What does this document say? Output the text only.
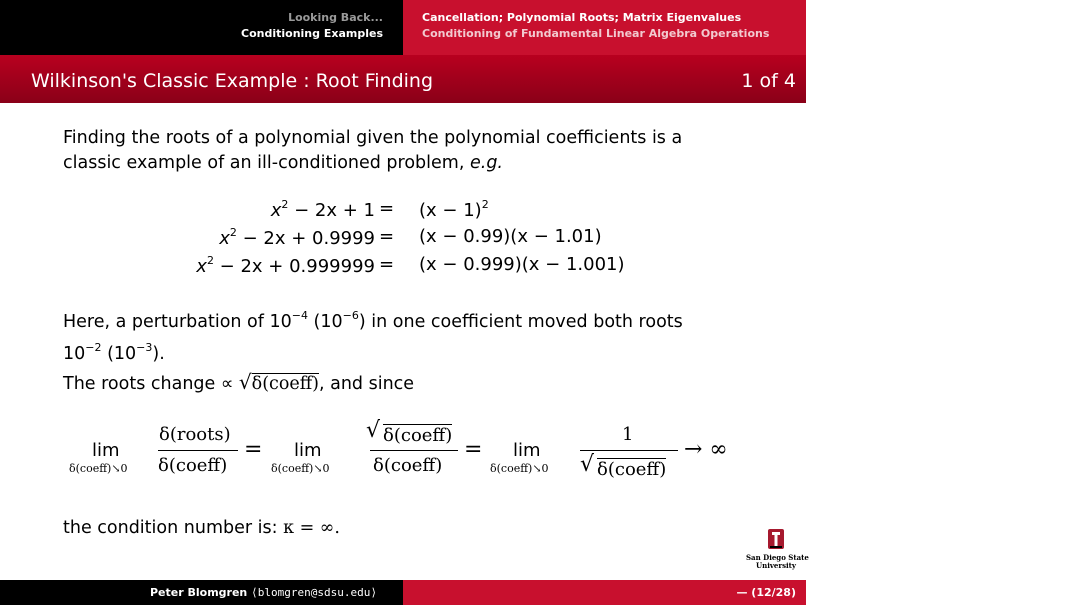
Looking Back...
Conditioning Examples
Cancellation; Polynomial Roots; Matrix Eigenvalues
Conditioning of Fundamental Linear Algebra Operations
Wilkinson's Classic Example : Root Finding	1 of 4
Finding the roots of a polynomial given the polynomial coefficients is a
classic example of an ill-conditioned problem, e.g.
$x^2 - 2x + 1 = (x - 1)^2$
$x^2 - 2x + 0.9999 = (x - 0.99)(x - 1.01)$
$x^2 - 2x + 0.999999 = (x - 0.999)(x - 1.001)$
Here, a perturbation of $10^{-4}$ $(10^{-6})$ in one coefficient moved both roots
$10^{-2}$ $(10^{-3})$.
The roots change ∝ √δ(coeff), and since
lim
δ(coeff)↘0
δ(roots)
δ(coeff)
= lim
δ(coeff)↘0
√ δ(coeff)
δ(coeff)
= lim
δ(coeff)↘0
1
√ δ(coeff)
→ ∞
the condition number is: κ = ∞.
San Diego State
University
Peter Blomgren ⟨blomgren@sdsu.edu⟩	9. Conditioning and Condition Numbers
— (12/28)
